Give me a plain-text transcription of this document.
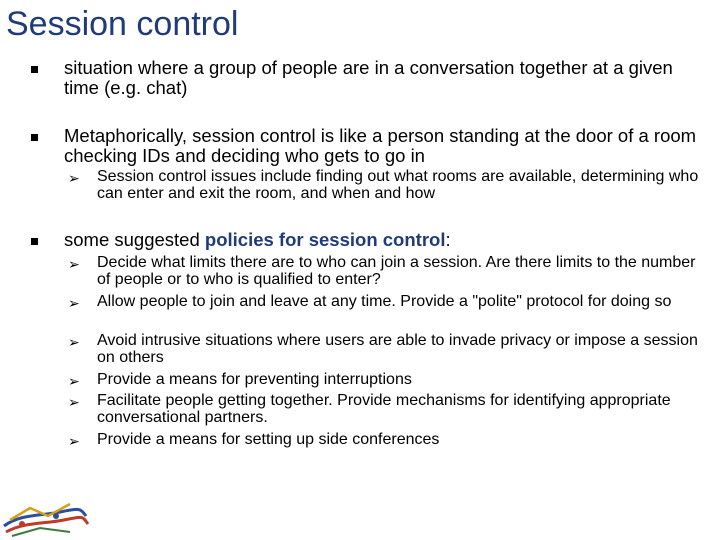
Session control
situation where a group of people are in a conversation together at a given time (e.g. chat)
Metaphorically, session control is like a person standing at the door of a room checking IDs and deciding who gets to go in
➢ Session control issues include finding out what rooms are available, determining who can enter and exit the room, and when and how
some suggested policies for session control:
➢ Decide what limits there are to who can join a session. Are there limits to the number of people or to who is qualified to enter?
➢ Allow people to join and leave at any time. Provide a "polite" protocol for doing so
➢ Avoid intrusive situations where users are able to invade privacy or impose a session on others
➢ Provide a means for preventing interruptions
➢ Facilitate people getting together. Provide mechanisms for identifying appropriate conversational partners.
➢ Provide a means for setting up side conferences
